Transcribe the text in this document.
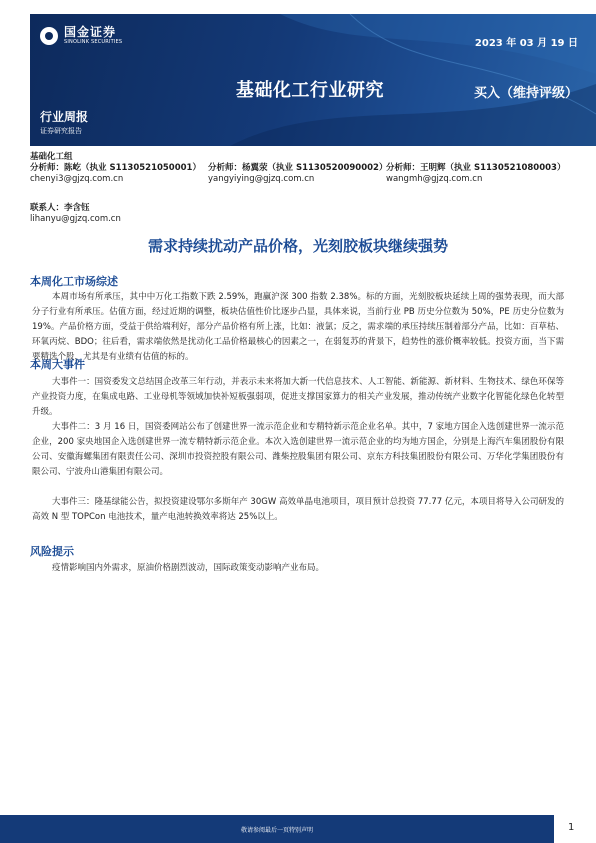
国金证券
SINOLINK SECURITIES	2023 年 03 月 19 日
基础化工行业研究	买入（维持评级）
行业周报
证券研究报告
基础化工组
分析师：陈屹（执业 S1130521050001）
chenyi3@gjzq.com.cn
分析师：杨翼荥（执业 S1130520090002）
yangyiying@gjzq.com.cn
分析师：王明辉（执业 S1130521080003）
wangmh@gjzq.com.cn
联系人：李含钰
lihanyu@gjzq.com.cn
需求持续扰动产品价格，光刻胶板块继续强势
本周化工市场综述
本周市场有所承压，其中中万化工指数下跌 2.59%，跑赢沪深 300 指数 2.38%。标的方面，光刻胶板块延续上周的强势表现，而大部分子行业有所承压。估值方面，经过近期的调整，板块估值性价比逐步凸显，具体来说，当前行业 PB 历史分位数为 50%，PE 历史分位数为 19%。产品价格方面，受益于供给端利好，部分产品价格有所上涨，比如：液氯；反之，需求端的承压持续压制着部分产品，比如：百草枯、环氧丙烷、BDO；往后看，需求端依然是扰动化工品价格最核心的因素之一，在弱复苏的背景下，趋势性的涨价概率较低。投资方面，当下需要精选个股，尤其是有业绩有估值的标的。
本周大事件
大事件一：国资委发文总结国企改革三年行动，并表示未来将加大新一代信息技术、人工智能、新能源、新材料、生物技术、绿色环保等产业投资力度，在集成电路、工业母机等领域加快补短板强弱项，促进支撑国家算力的相关产业发展，推动传统产业数字化智能化绿色化转型升级。
大事件二：3 月 16 日，国资委网站公布了创建世界一流示范企业和专精特新示范企业名单。其中，7 家地方国企入选创建世界一流示范企业，200 家央地国企入选创建世界一流专精特新示范企业。本次入选创建世界一流示范企业的均为地方国企，分别是上海汽车集团股份有限公司、安徽海螺集团有限责任公司、深圳市投资控股有限公司、潍柴控股集团有限公司、京东方科技集团股份有限公司、万华化学集团股份有限公司、宁波舟山港集团有限公司。
大事件三：隆基绿能公告，拟投资建设鄂尔多斯年产 30GW 高效单晶电池项目，项目预计总投资 77.77 亿元，本项目将导入公司研发的高效 N 型 TOPCon 电池技术，量产电池转换效率将达 25%以上。
风险提示
疫情影响国内外需求，原油价格剧烈波动，国际政策变动影响产业布局。
敬请参阅最后一页特别声明	1
